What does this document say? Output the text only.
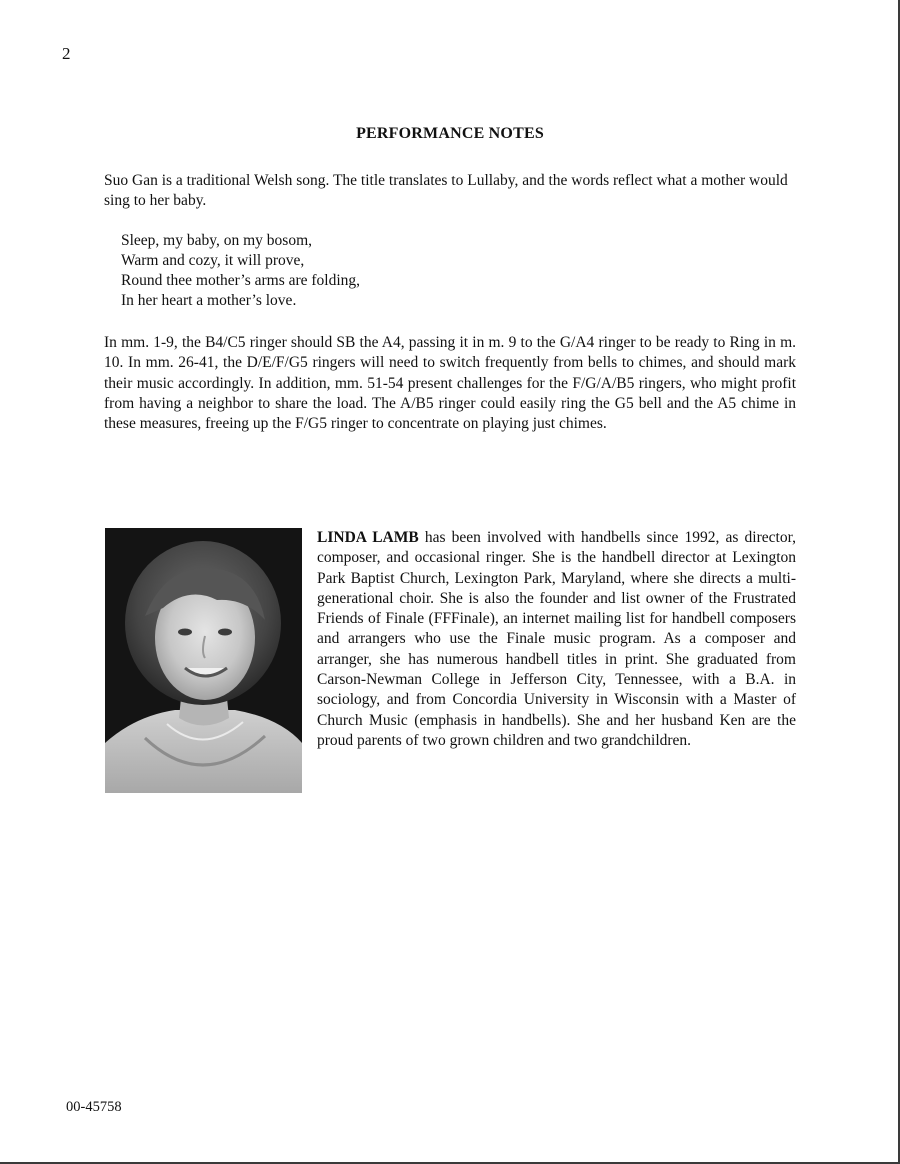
2
PERFORMANCE NOTES

Suo Gan is a traditional Welsh song. The title translates to Lullaby, and the words reflect what a mother would sing to her baby.

Sleep, my baby, on my bosom,
Warm and cozy, it will prove,
Round thee mother’s arms are folding,
In her heart a mother’s love.

In mm. 1-9, the B4/C5 ringer should SB the A4, passing it in m. 9 to the G/A4 ringer to be ready to Ring in m. 10. In mm. 26-41, the D/E/F/G5 ringers will need to switch frequently from bells to chimes, and should mark their music accordingly. In addition, mm. 51-54 present challenges for the F/G/A/B5 ringers, who might profit from having a neighbor to share the load. The A/B5 ringer could easily ring the G5 bell and the A5 chime in these measures, freeing up the F/G5 ringer to concentrate on playing just chimes.

LINDA LAMB has been involved with handbells since 1992, as director, composer, and occasional ringer. She is the handbell director at Lexington Park Baptist Church, Lexington Park, Maryland, where she directs a multi-generational choir. She is also the founder and list owner of the Frustrated Friends of Finale (FFFinale), an internet mailing list for handbell composers and arrangers who use the Finale music program. As a composer and arranger, she has numerous handbell titles in print. She graduated from Carson-Newman College in Jefferson City, Tennessee, with a B.A. in sociology, and from Concordia University in Wisconsin with a Master of Church Music (emphasis in handbells). She and her husband Ken are the proud parents of two grown children and two grandchildren.

00-45758
